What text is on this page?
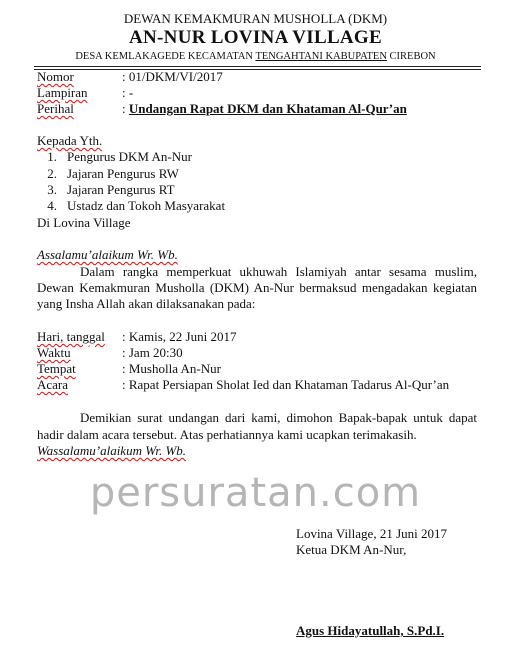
DEWAN KEMAKMURAN MUSHOLLA (DKM)
AN-NUR LOVINA VILLAGE
DESA KEMLAKAGEDE KECAMATAN TENGAHTANI KABUPATEN CIREBON
Nomor	: 01/DKM/VI/2017
Lampiran	: -
Perihal	: Undangan Rapat DKM dan Khataman Al-Qur’an
Kepada Yth.
1. Pengurus DKM An-Nur
2. Jajaran Pengurus RW
3. Jajaran Pengurus RT
4. Ustadz dan Tokoh Masyarakat
Di Lovina Village
Assalamu’alaikum Wr. Wb.
Dalam rangka memperkuat ukhuwah Islamiyah antar sesama muslim,
Dewan Kemakmuran Musholla (DKM) An-Nur bermaksud mengadakan kegiatan
yang Insha Allah akan dilaksanakan pada:
Hari, tanggal : Kamis, 22 Juni 2017
Waktu	: Jam 20:30
Tempat	: Musholla An-Nur
Acara	: Rapat Persiapan Sholat Ied dan Khataman Tadarus Al-Qur’an
Demikian surat undangan dari kami, dimohon Bapak-bapak untuk dapat
hadir dalam acara tersebut. Atas perhatiannya kami ucapkan terimakasih.
Wassalamu’alaikum Wr. Wb.
persuratan.com
Lovina Village, 21 Juni 2017
Ketua DKM An-Nur,
Agus Hidayatullah, S.Pd.I.
